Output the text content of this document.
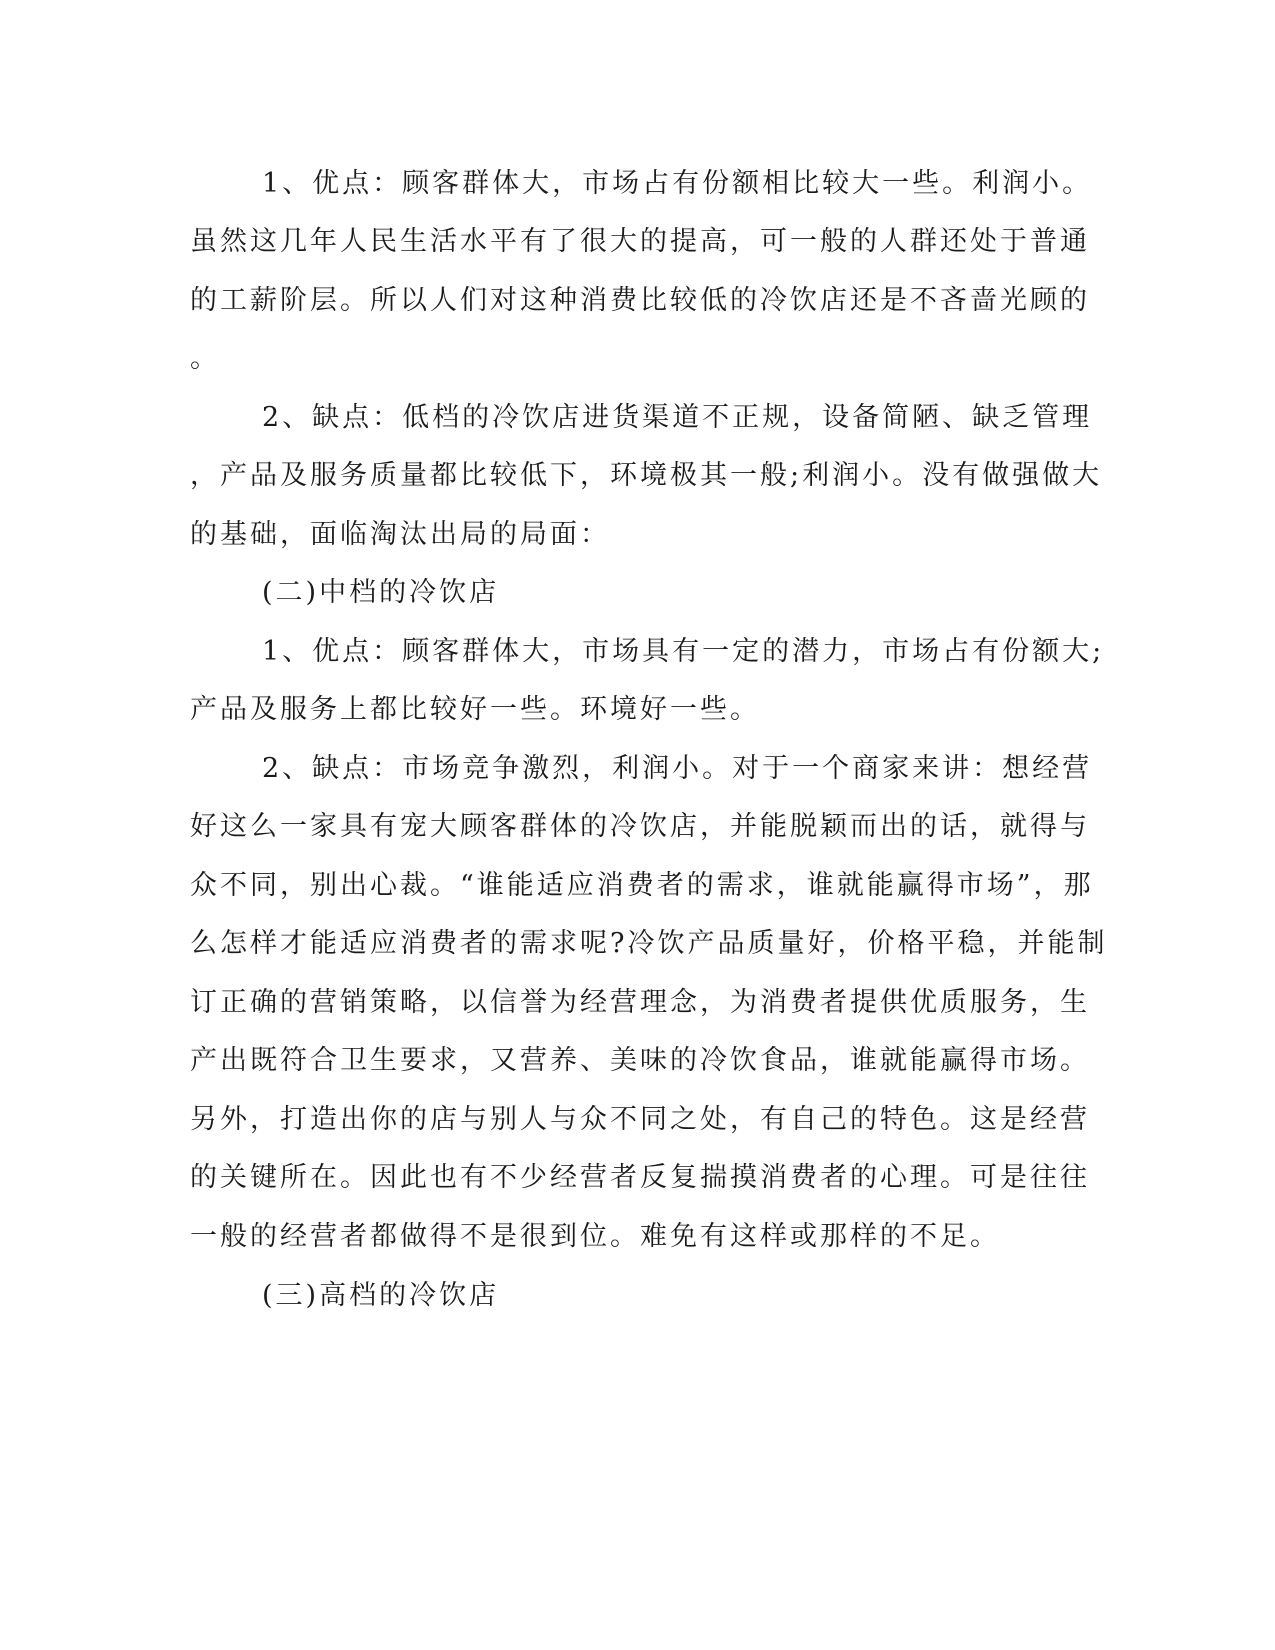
1、优点：顾客群体大，市场占有份额相比较大一些。利润小。
虽然这几年人民生活水平有了很大的提高，可一般的人群还处于普通
的工薪阶层。所以人们对这种消费比较低的冷饮店还是不吝啬光顾的
。
2、缺点：低档的冷饮店进货渠道不正规，设备简陋、缺乏管理
，产品及服务质量都比较低下，环境极其一般;利润小。没有做强做大
的基础，面临淘汰出局的局面：
(二)中档的冷饮店
1、优点：顾客群体大，市场具有一定的潜力，市场占有份额大;
产品及服务上都比较好一些。环境好一些。
2、缺点：市场竞争激烈，利润小。对于一个商家来讲：想经营
好这么一家具有宠大顾客群体的冷饮店，并能脱颖而出的话，就得与
众不同，别出心裁。“谁能适应消费者的需求，谁就能赢得市场”，那
么怎样才能适应消费者的需求呢?冷饮产品质量好，价格平稳，并能制
订正确的营销策略，以信誉为经营理念，为消费者提供优质服务，生
产出既符合卫生要求，又营养、美味的冷饮食品，谁就能赢得市场。
另外，打造出你的店与别人与众不同之处，有自己的特色。这是经营
的关键所在。因此也有不少经营者反复揣摸消费者的心理。可是往往
一般的经营者都做得不是很到位。难免有这样或那样的不足。
(三)高档的冷饮店
